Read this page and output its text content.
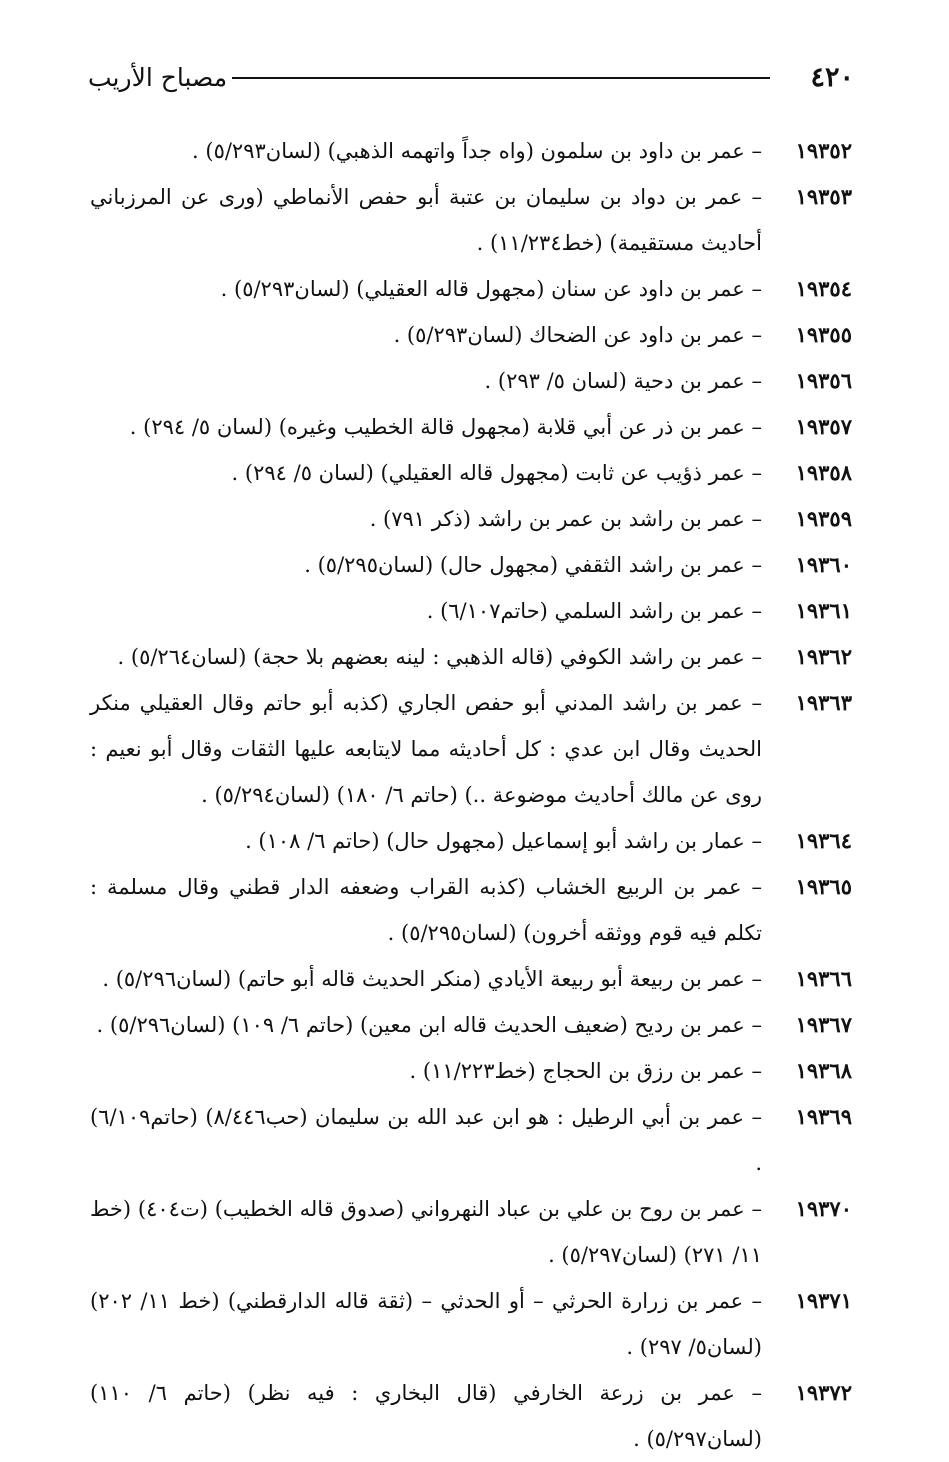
٤٢٠
مصباح الأريب
١٩٣٥٢
– عمر بن داود بن سلمون (واه جداً واتهمه الذهبي) (لسان٥/٢٩٣) .
١٩٣٥٣
– عمر بن دواد بن سليمان بن عتبة أبو حفص الأنماطي (ورى عن المرزباني أحاديث مستقيمة) (خط١١/٢٣٤) .
١٩٣٥٤
– عمر بن داود عن سنان (مجهول قاله العقيلي) (لسان٥/٢٩٣) .
١٩٣٥٥
– عمر بن داود عن الضحاك (لسان٥/٢٩٣) .
١٩٣٥٦
– عمر بن دحية (لسان ٥/ ٢٩٣) .
١٩٣٥٧
– عمر بن ذر عن أبي قلابة (مجهول قالة الخطيب وغيره) (لسان ٥/ ٢٩٤) .
١٩٣٥٨
– عمر ذؤيب عن ثابت (مجهول قاله العقيلي) (لسان ٥/ ٢٩٤) .
١٩٣٥٩
– عمر بن راشد بن عمر بن راشد (ذكر ٧٩١) .
١٩٣٦٠
– عمر بن راشد الثقفي (مجهول حال) (لسان٥/٢٩٥) .
١٩٣٦١
– عمر بن راشد السلمي (حاتم٦/١٠٧) .
١٩٣٦٢
– عمر بن راشد الكوفي (قاله الذهبي : لينه بعضهم بلا حجة) (لسان٥/٢٦٤) .
١٩٣٦٣
– عمر بن راشد المدني أبو حفص الجاري (كذبه أبو حاتم وقال العقيلي منكر الحديث وقال ابن عدي : كل أحاديثه مما لايتابعه عليها الثقات وقال أبو نعيم : روى عن مالك أحاديث موضوعة ..) (حاتم ٦/ ١٨٠) (لسان٥/٢٩٤) .
١٩٣٦٤
– عمار بن راشد أبو إسماعيل (مجهول حال) (حاتم ٦/ ١٠٨) .
١٩٣٦٥
– عمر بن الربيع الخشاب (كذبه القراب وضعفه الدار قطني وقال مسلمة : تكلم فيه قوم ووثقه أخرون) (لسان٥/٢٩٥) .
١٩٣٦٦
– عمر بن ربيعة أبو ربيعة الأيادي (منكر الحديث قاله أبو حاتم) (لسان٥/٢٩٦) .
١٩٣٦٧
– عمر بن رديح (ضعيف الحديث قاله ابن معين) (حاتم ٦/ ١٠٩) (لسان٥/٢٩٦) .
١٩٣٦٨
– عمر بن رزق بن الحجاج (خط١١/٢٢٣) .
١٩٣٦٩
– عمر بن أبي الرطيل : هو ابن عبد الله بن سليمان (حب٨/٤٤٦) (حاتم٦/١٠٩) .
١٩٣٧٠
– عمر بن روح بن علي بن عباد النهرواني (صدوق قاله الخطيب) (ت٤٠٤) (خط ١١/ ٢٧١) (لسان٥/٢٩٧) .
١٩٣٧١
– عمر بن زرارة الحرثي – أو الحدثي – (ثقة قاله الدارقطني) (خط ١١/ ٢٠٢) (لسان٥/ ٢٩٧) .
١٩٣٧٢
– عمر بن زرعة الخارفي (قال البخاري : فيه نظر) (حاتم ٦/ ١١٠) (لسان٥/٢٩٧) .
